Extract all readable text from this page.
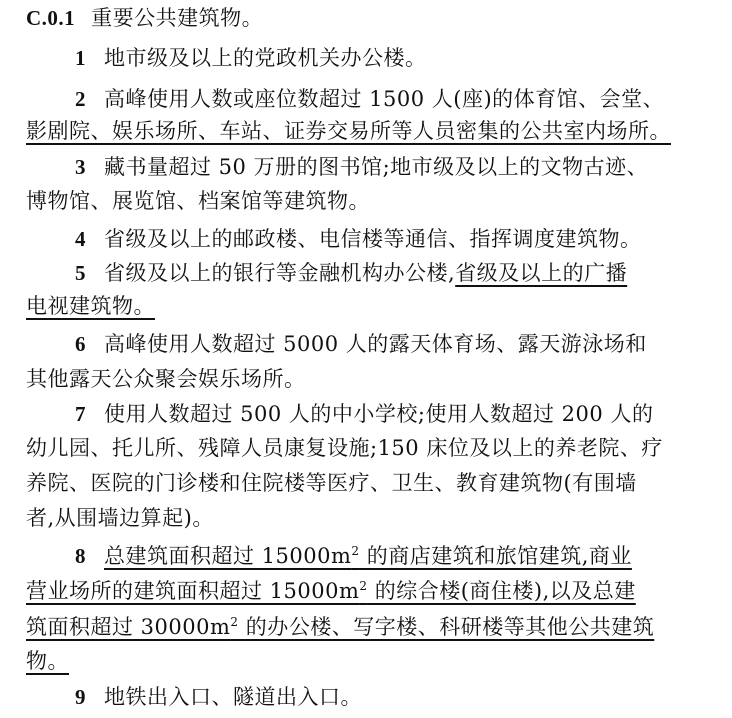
C.0.1 重要公共建筑物。
1 地市级及以上的党政机关办公楼。
2 高峰使用人数或座位数超过 1500 人(座)的体育馆、会堂、
影剧院、娱乐场所、车站、证券交易所等人员密集的公共室内场所。
3 藏书量超过 50 万册的图书馆;地市级及以上的文物古迹、
博物馆、展览馆、档案馆等建筑物。
4 省级及以上的邮政楼、电信楼等通信、指挥调度建筑物。
5 省级及以上的银行等金融机构办公楼,省级及以上的广播
电视建筑物。
6 高峰使用人数超过 5000 人的露天体育场、露天游泳场和
其他露天公众聚会娱乐场所。
7 使用人数超过 500 人的中小学校;使用人数超过 200 人的
幼儿园、托儿所、残障人员康复设施;150 床位及以上的养老院、疗
养院、医院的门诊楼和住院楼等医疗、卫生、教育建筑物(有围墙
者,从围墙边算起)。
8 总建筑面积超过 $15000m^2$ 的商店建筑和旅馆建筑,商业
营业场所的建筑面积超过 $15000m^2$ 的综合楼(商住楼),以及总建
筑面积超过 $30000m^2$ 的办公楼、写字楼、科研楼等其他公共建筑
物。
9 地铁出入口、隧道出入口。
